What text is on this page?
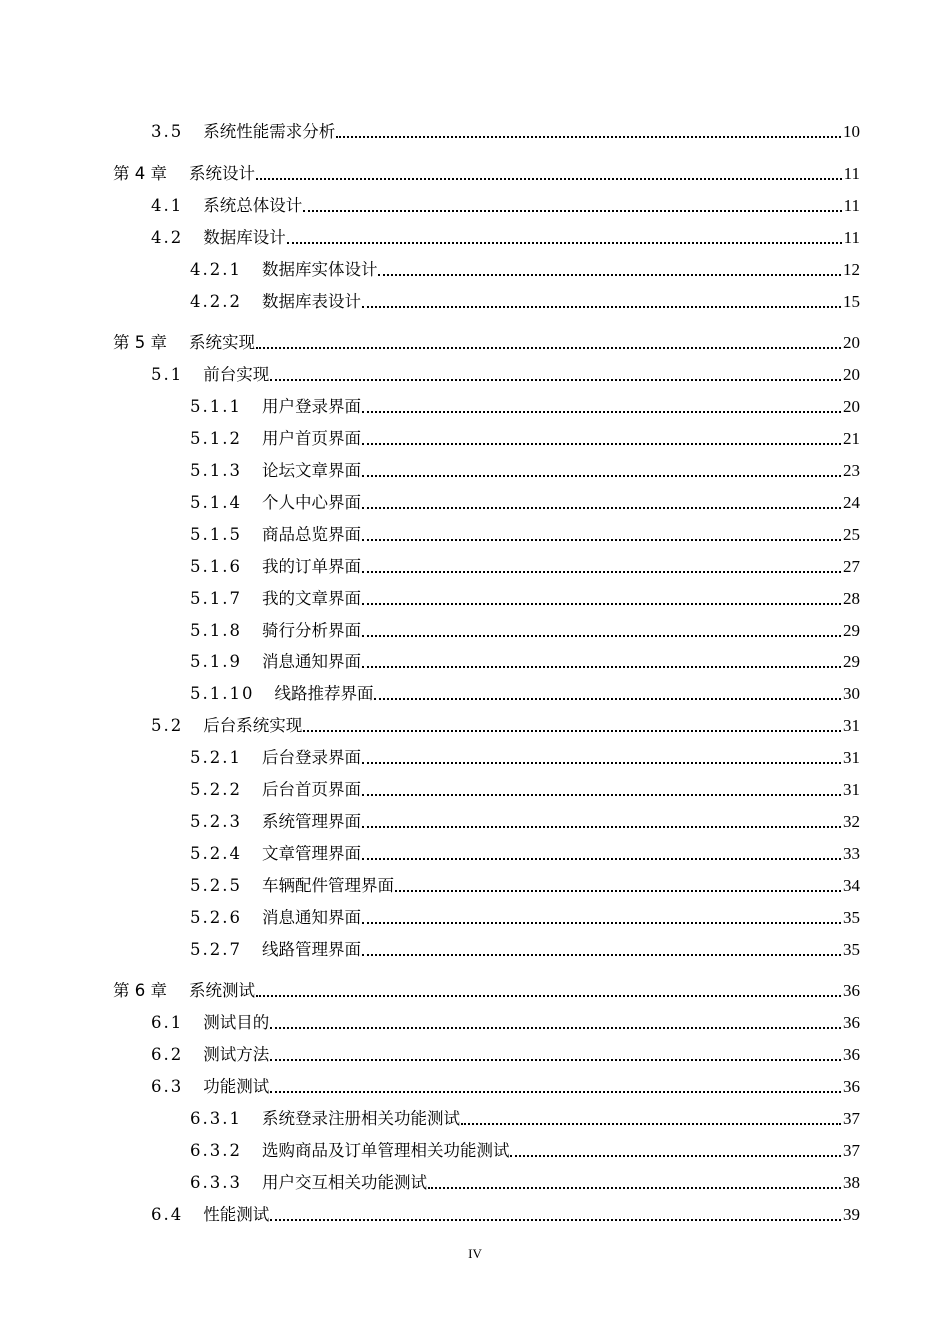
3.5 系统性能需求分析	10
第 4 章 系统设计	11
4.1 系统总体设计	11
4.2 数据库设计	11
4.2.1 数据库实体设计	12
4.2.2 数据库表设计	15
第 5 章 系统实现	20
5.1 前台实现	20
5.1.1 用户登录界面	20
5.1.2 用户首页界面	21
5.1.3 论坛文章界面	23
5.1.4 个人中心界面	24
5.1.5 商品总览界面	25
5.1.6 我的订单界面	27
5.1.7 我的文章界面	28
5.1.8 骑行分析界面	29
5.1.9 消息通知界面	29
5.1.10 线路推荐界面	30
5.2 后台系统实现	31
5.2.1 后台登录界面	31
5.2.2 后台首页界面	31
5.2.3 系统管理界面	32
5.2.4 文章管理界面	33
5.2.5 车辆配件管理界面	34
5.2.6 消息通知界面	35
5.2.7 线路管理界面	35
第 6 章 系统测试	36
6.1 测试目的	36
6.2 测试方法	36
6.3 功能测试	36
6.3.1 系统登录注册相关功能测试	37
6.3.2 选购商品及订单管理相关功能测试	37
6.3.3 用户交互相关功能测试	38
6.4 性能测试	39
IV
